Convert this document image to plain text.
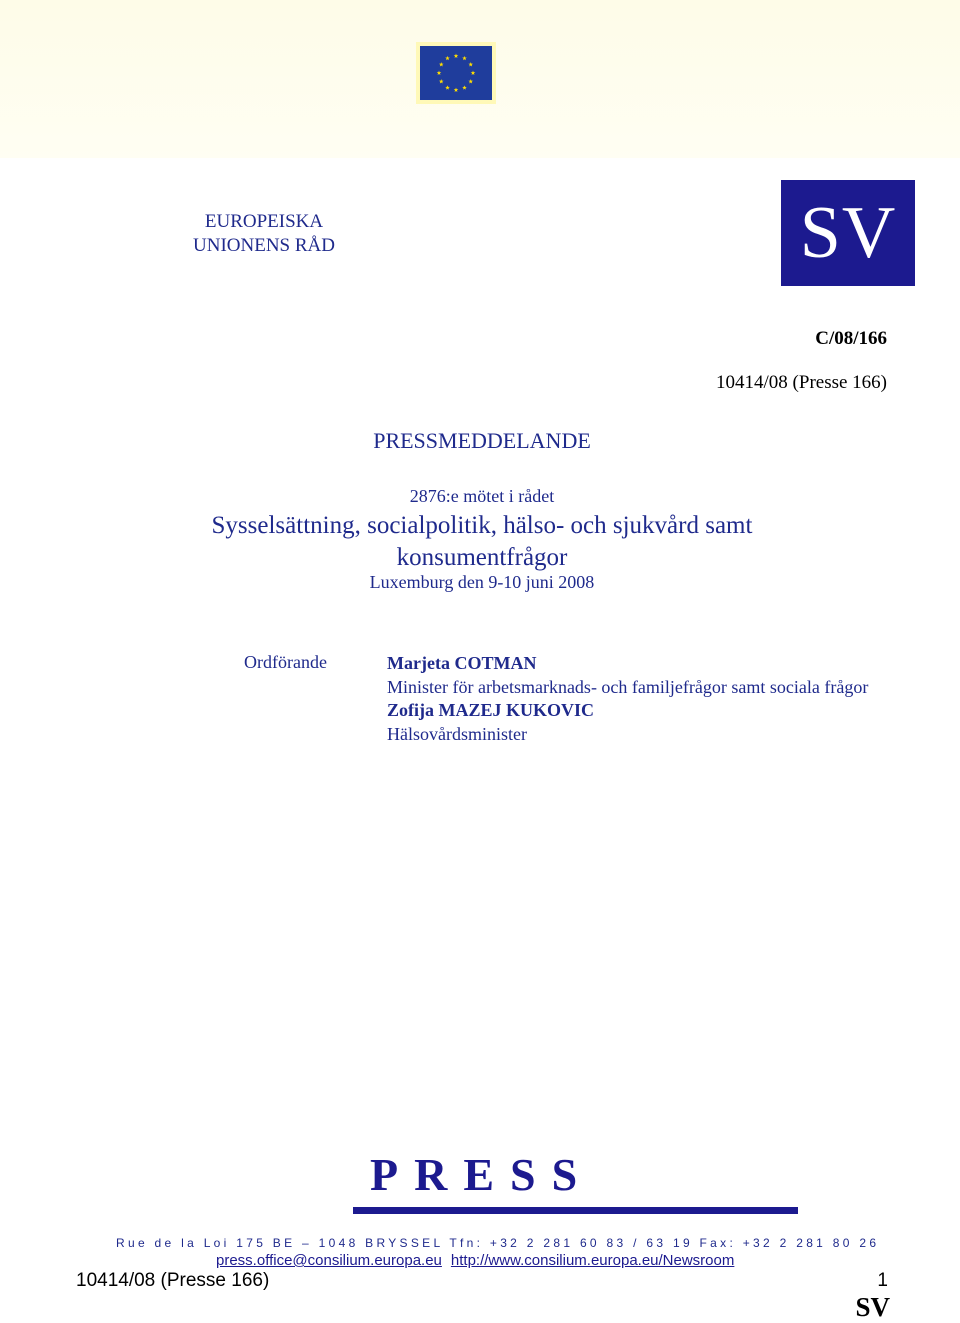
EUROPEISKA
UNIONENS RÅD	SV
C/08/166
10414/08 (Presse 166)
PRESSMEDDELANDE
2876:e mötet i rådet
Sysselsättning, socialpolitik, hälso- och sjukvård samt
konsumentfrågor
Luxemburg den 9-10 juni 2008
Ordförande	Marjeta COTMAN
Minister för arbetsmarknads- och familjefrågor samt sociala frågor
Zofija MAZEJ KUKOVIC
Hälsovårdsminister
PRESS
Rue de la Loi 175 BE – 1048 BRYSSEL Tfn: +32 2 281 60 83 / 63 19 Fax: +32 2 281 80 26
press.office@consilium.europa.eu http://www.consilium.europa.eu/Newsroom
10414/08 (Presse 166)	1
SV
